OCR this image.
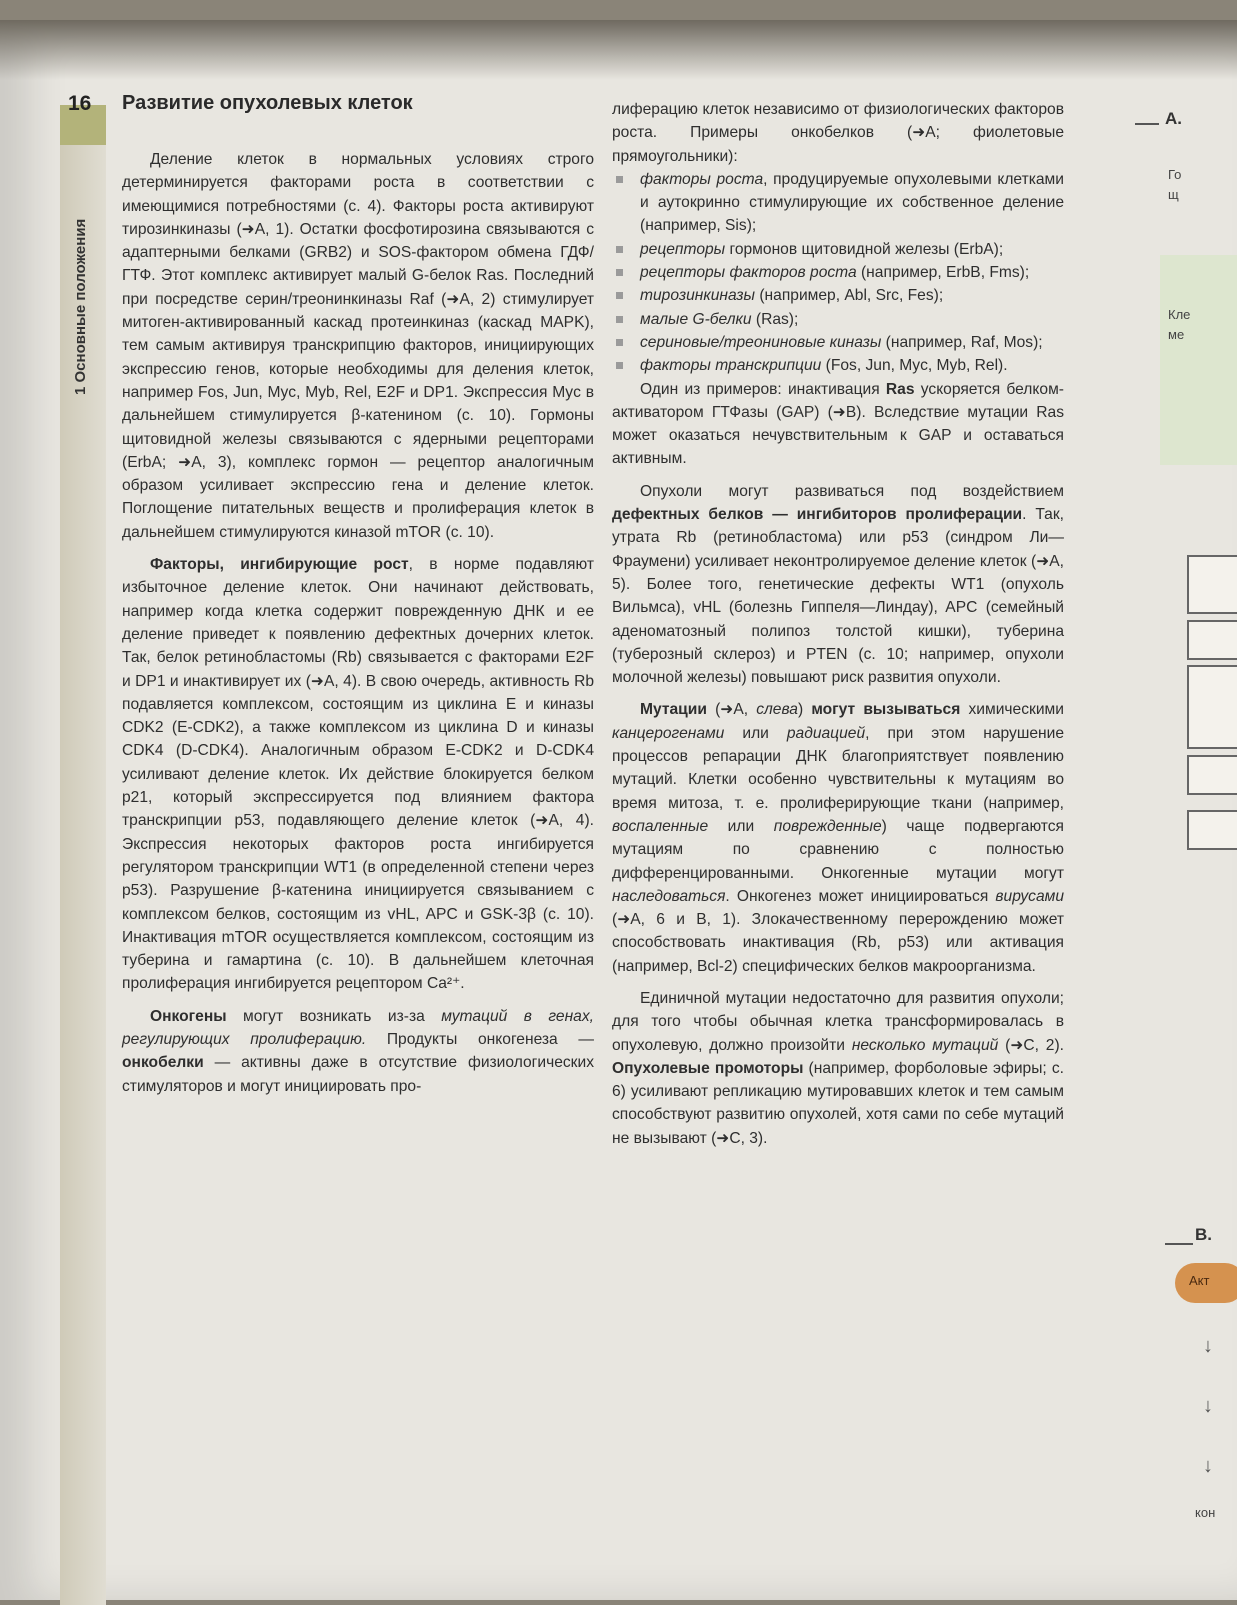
16
1 Основные положения
Развитие опухолевых клеток

Деление клеток в нормальных условиях строго детерминируется факторами роста в соответствии с имеющимися потребностями (с. 4). Факторы роста активируют тирозинкиназы (➜А, 1). Остатки фосфотирозина связываются с адаптерными белками (GRB2) и SOS-фактором обмена ГДФ/ГТФ. Этот комплекс активирует малый G-белок Ras. Последний при посредстве серин/треонинкиназы Raf (➜А, 2) стимулирует митоген-активированный каскад протеинкиназ (каскад MAPK), тем самым активируя транскрипцию факторов, инициирующих экспрессию генов, которые необходимы для деления клеток, например Fos, Jun, Myc, Myb, Rel, E2F и DP1. Экспрессия Myc в дальнейшем стимулируется β-катенином (с. 10). Гормоны щитовидной железы связываются с ядерными рецепторами (ErbA; ➜А, 3), комплекс гормон — рецептор аналогичным образом усиливает экспрессию гена и деление клеток. Поглощение питательных веществ и пролиферация клеток в дальнейшем стимулируются киназой mTOR (с. 10).

Факторы, ингибирующие рост, в норме подавляют избыточное деление клеток. Они начинают действовать, например когда клетка содержит поврежденную ДНК и ее деление приведет к появлению дефектных дочерних клеток. Так, белок ретинобластомы (Rb) связывается с факторами E2F и DP1 и инактивирует их (➜А, 4). В свою очередь, активность Rb подавляется комплексом, состоящим из циклина E и киназы CDK2 (E-CDK2), а также комплексом из циклина D и киназы CDK4 (D-CDK4). Аналогичным образом E-CDK2 и D-CDK4 усиливают деление клеток. Их действие блокируется белком p21, который экспрессируется под влиянием фактора транскрипции p53, подавляющего деление клеток (➜А, 4). Экспрессия некоторых факторов роста ингибируется регулятором транскрипции WT1 (в определенной степени через p53). Разрушение β-катенина инициируется связыванием с комплексом белков, состоящим из vHL, APC и GSK-3β (с. 10). Инактивация mTOR осуществляется комплексом, состоящим из туберина и гамартина (с. 10). В дальнейшем клеточная пролиферация ингибируется рецептором Ca²⁺.

Онкогены могут возникать из-за мутаций в генах, регулирующих пролиферацию. Продукты онкогенеза — онкобелки — активны даже в отсутствие физиологических стимуляторов и могут инициировать про-

лиферацию клеток независимо от физиологических факторов роста. Примеры онкобелков (➜А; фиолетовые прямоугольники):

факторы роста, продуцируемые опухолевыми клетками и аутокринно стимулирующие их собственное деление (например, Sis);
рецепторы гормонов щитовидной железы (ErbA);
рецепторы факторов роста (например, ErbB, Fms);
тирозинкиназы (например, Abl, Src, Fes);
малые G-белки (Ras);
сериновые/треониновые киназы (например, Raf, Mos);
факторы транскрипции (Fos, Jun, Myc, Myb, Rel).

Один из примеров: инактивация Ras ускоряется белком-активатором ГТФазы (GAP) (➜B). Вследствие мутации Ras может оказаться нечувствительным к GAP и оставаться активным.

Опухоли могут развиваться под воздействием дефектных белков — ингибиторов пролиферации. Так, утрата Rb (ретинобластома) или p53 (синдром Ли—Фраумени) усиливает неконтролируемое деление клеток (➜А, 5). Более того, генетические дефекты WT1 (опухоль Вильмса), vHL (болезнь Гиппеля—Линдау), APC (семейный аденоматозный полипоз толстой кишки), туберина (туберозный склероз) и PTEN (с. 10; например, опухоли молочной железы) повышают риск развития опухоли.

Мутации (➜А, слева) могут вызываться химическими канцерогенами или радиацией, при этом нарушение процессов репарации ДНК благоприятствует появлению мутаций. Клетки особенно чувствительны к мутациям во время митоза, т. е. пролиферирующие ткани (например, воспаленные или поврежденные) чаще подвергаются мутациям по сравнению с полностью дифференцированными. Онкогенные мутации могут наследоваться. Онкогенез может инициироваться вирусами (➜А, 6 и B, 1). Злокачественному перерождению может способствовать инактивация (Rb, p53) или активация (например, Bcl-2) специфических белков макроорганизма.

Единичной мутации недостаточно для развития опухоли; для того чтобы обычная клетка трансформировалась в опухолевую, должно произойти несколько мутаций (➜C, 2). Опухолевые промоторы (например, форболовые эфиры; с. 6) усиливают репликацию мутировавших клеток и тем самым способствуют развитию опухолей, хотя сами по себе мутаций не вызывают (➜C, 3).

A.
Го
щ
Кле
ме
B.
Акт
↓
↓
↓
кон
